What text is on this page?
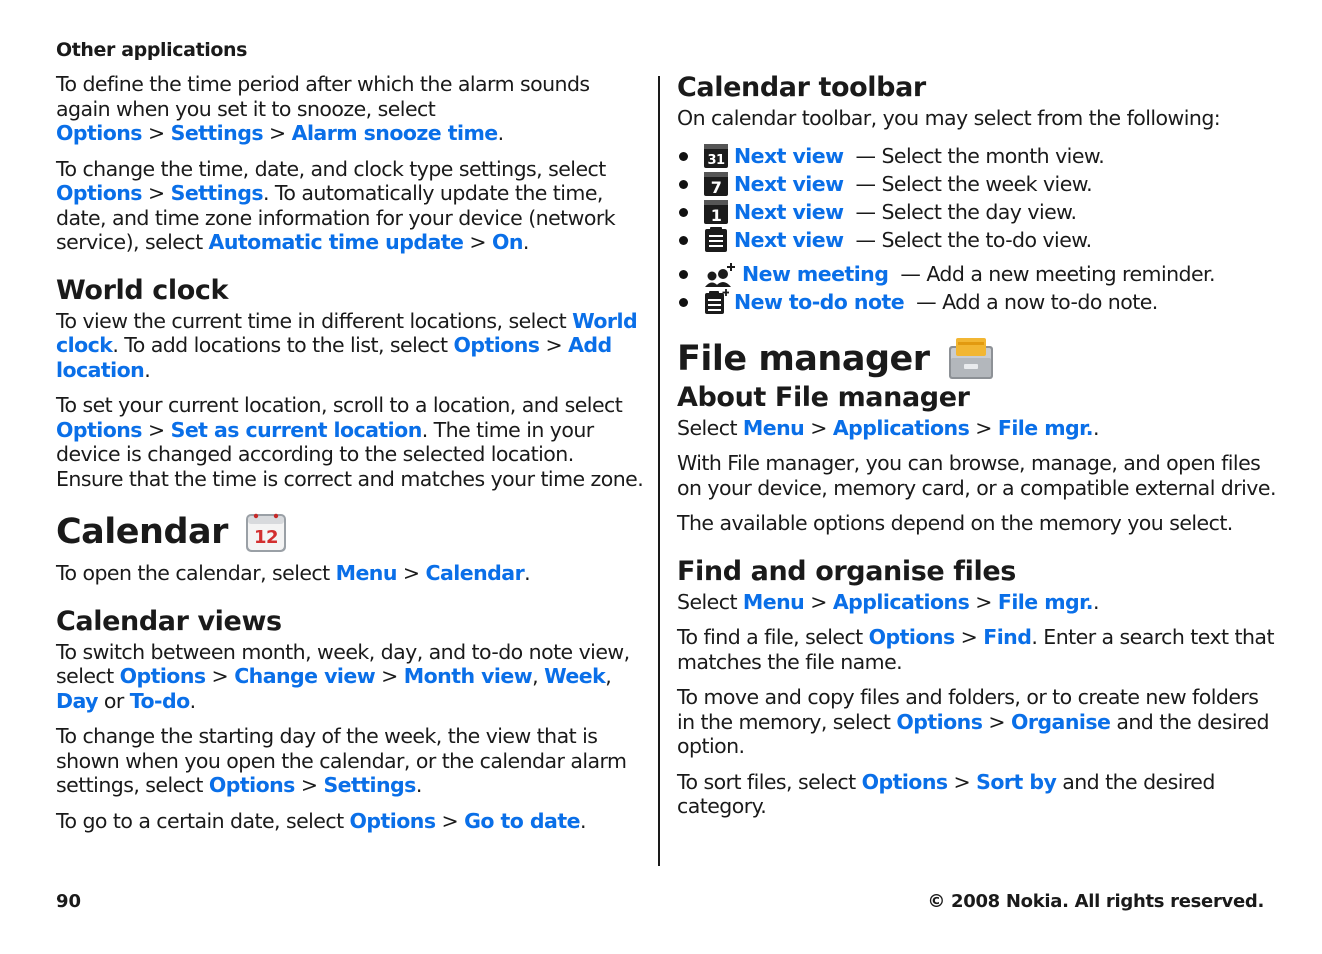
Other applications

To define the time period after which the alarm sounds again when you set it to snooze, select Options > Settings > Alarm snooze time.

To change the time, date, and clock type settings, select Options > Settings. To automatically update the time, date, and time zone information for your device (network service), select Automatic time update > On.

World clock

To view the current time in different locations, select World clock. To add locations to the list, select Options > Add location.

To set your current location, scroll to a location, and select Options > Set as current location. The time in your device is changed according to the selected location. Ensure that the time is correct and matches your time zone.

Calendar 12

To open the calendar, select Menu > Calendar.

Calendar views

To switch between month, week, day, and to-do note view, select Options > Change view > Month view, Week, Day or To-do.

To change the starting day of the week, the view that is shown when you open the calendar, or the calendar alarm settings, select Options > Settings.

To go to a certain date, select Options > Go to date.

Calendar toolbar

On calendar toolbar, you may select from the following:

31 Next view — Select the month view.
7 Next view — Select the week view.
1 Next view — Select the day view.
Next view — Select the to-do view.
New meeting — Add a new meeting reminder.
New to-do note — Add a now to-do note.
File manager
About File manager

Select Menu > Applications > File mgr..

With File manager, you can browse, manage, and open files on your device, memory card, or a compatible external drive.

The available options depend on the memory you select.

Find and organise files

Select Menu > Applications > File mgr..

To find a file, select Options > Find. Enter a search text that matches the file name.

To move and copy files and folders, or to create new folders in the memory, select Options > Organise and the desired option.

To sort files, select Options > Sort by and the desired category.

90	© 2008 Nokia. All rights reserved.
